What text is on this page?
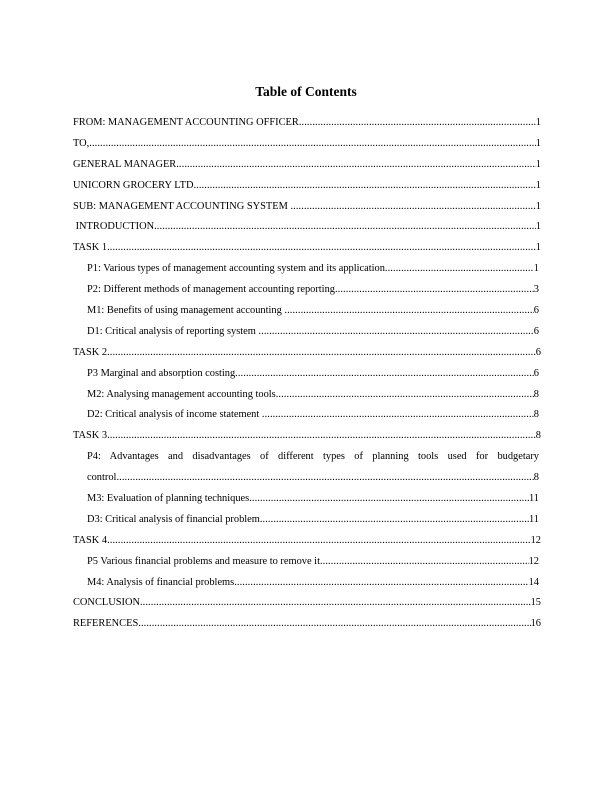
Table of Contents
FROM: MANAGEMENT ACCOUNTING OFFICER .....	1
TO, .....	1
GENERAL MANAGER .....	1
UNICORN GROCERY LTD .....	1
SUB: MANAGEMENT ACCOUNTING SYSTEM .....	1
INTRODUCTION .....	1
TASK 1 .....	1
P1: Various types of management accounting system and its application .....	1
P2: Different methods of management accounting reporting .....	3
M1: Benefits of using management accounting .....	6
D1: Critical analysis of reporting system .....	6
TASK 2 .....	6
P3 Marginal and absorption costing .....	6
M2: Analysing management accounting tools .....	8
D2: Critical analysis of income statement .....	8
TASK 3 .....	8
P4: Advantages and disadvantages of different types of planning tools used for budgetary
control .....	8
M3: Evaluation of planning techniques .....	11
D3: Critical analysis of financial problem .....	11
TASK 4 .....	12
P5 Various financial problems and measure to remove it .....	12
M4: Analysis of financial problems .....	14
CONCLUSION .....	15
REFERENCES .....	16
